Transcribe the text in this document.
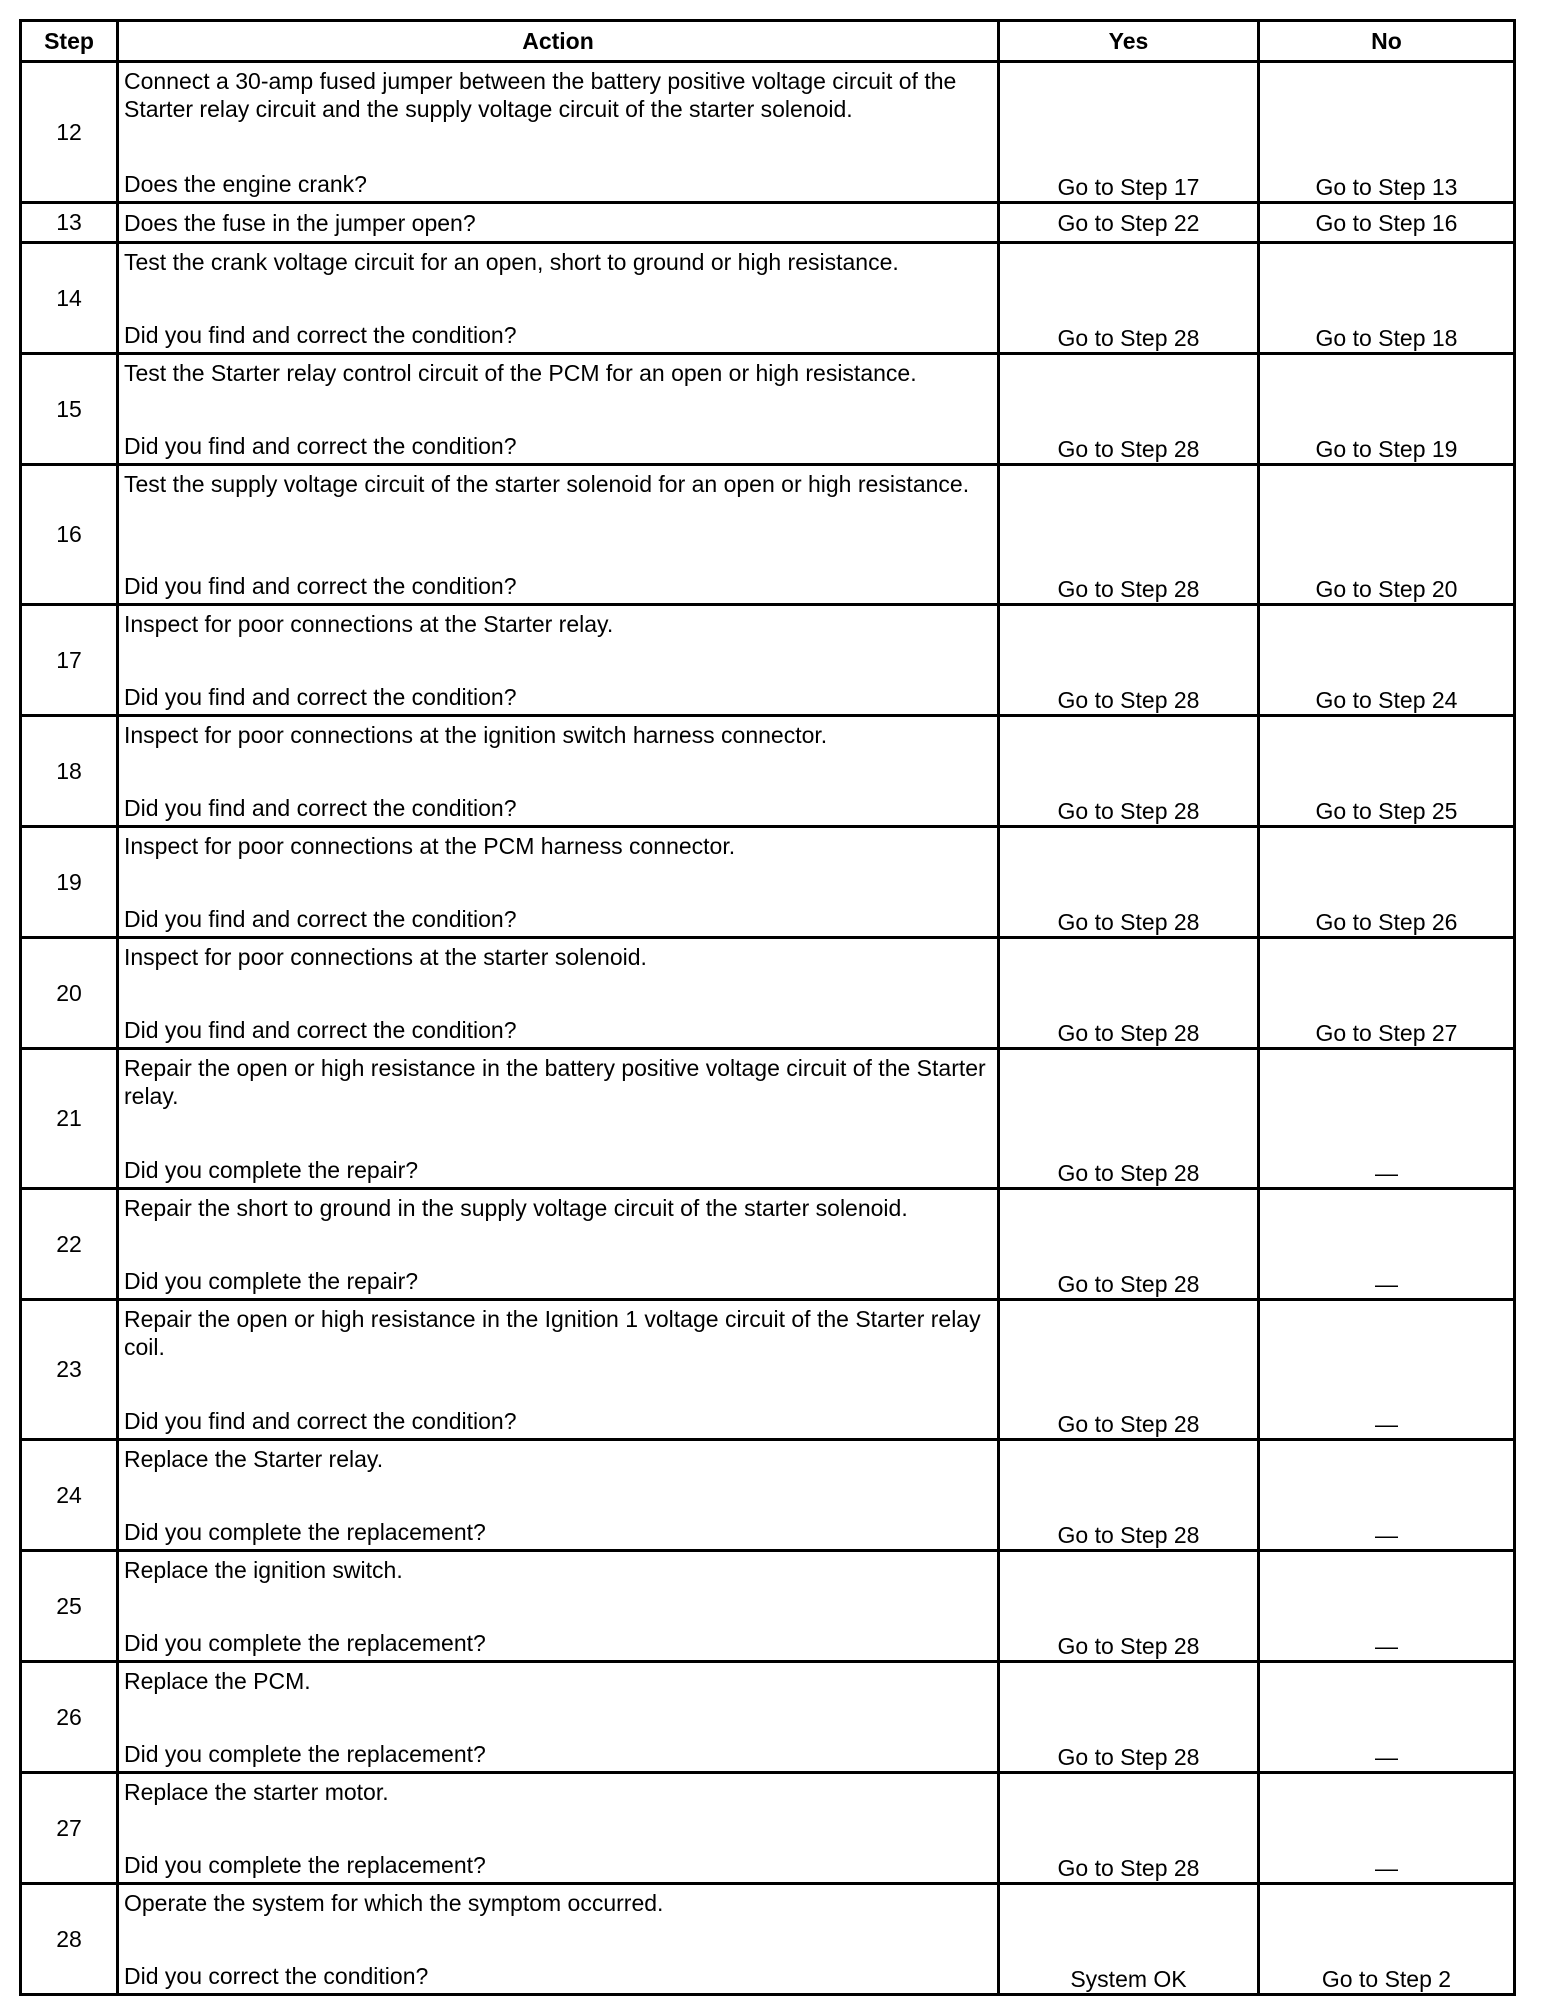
Step	Action	Yes	No
12	Connect a 30-amp fused jumper between the battery positive voltage circuit of the Starter relay circuit and the supply voltage circuit of the starter solenoid.
Does the engine crank?	Go to Step 17	Go to Step 13
13	Does the fuse in the jumper open?	Go to Step 22	Go to Step 16
14	Test the crank voltage circuit for an open, short to ground or high resistance.
Did you find and correct the condition?	Go to Step 28	Go to Step 18
15	Test the Starter relay control circuit of the PCM for an open or high resistance.
Did you find and correct the condition?	Go to Step 28	Go to Step 19
16	Test the supply voltage circuit of the starter solenoid for an open or high resistance.
Did you find and correct the condition?	Go to Step 28	Go to Step 20
17	Inspect for poor connections at the Starter relay.
Did you find and correct the condition?	Go to Step 28	Go to Step 24
18	Inspect for poor connections at the ignition switch harness connector.
Did you find and correct the condition?	Go to Step 28	Go to Step 25
19	Inspect for poor connections at the PCM harness connector.
Did you find and correct the condition?	Go to Step 28	Go to Step 26
20	Inspect for poor connections at the starter solenoid.
Did you find and correct the condition?	Go to Step 28	Go to Step 27
21	Repair the open or high resistance in the battery positive voltage circuit of the Starter relay.
Did you complete the repair?	Go to Step 28	—
22	Repair the short to ground in the supply voltage circuit of the starter solenoid.
Did you complete the repair?	Go to Step 28	—
23	Repair the open or high resistance in the Ignition 1 voltage circuit of the Starter relay coil.
Did you find and correct the condition?	Go to Step 28	—
24	Replace the Starter relay.
Did you complete the replacement?	Go to Step 28	—
25	Replace the ignition switch.
Did you complete the replacement?	Go to Step 28	—
26	Replace the PCM.
Did you complete the replacement?	Go to Step 28	—
27	Replace the starter motor.
Did you complete the replacement?	Go to Step 28	—
28	Operate the system for which the symptom occurred.
Did you correct the condition?	System OK	Go to Step 2
